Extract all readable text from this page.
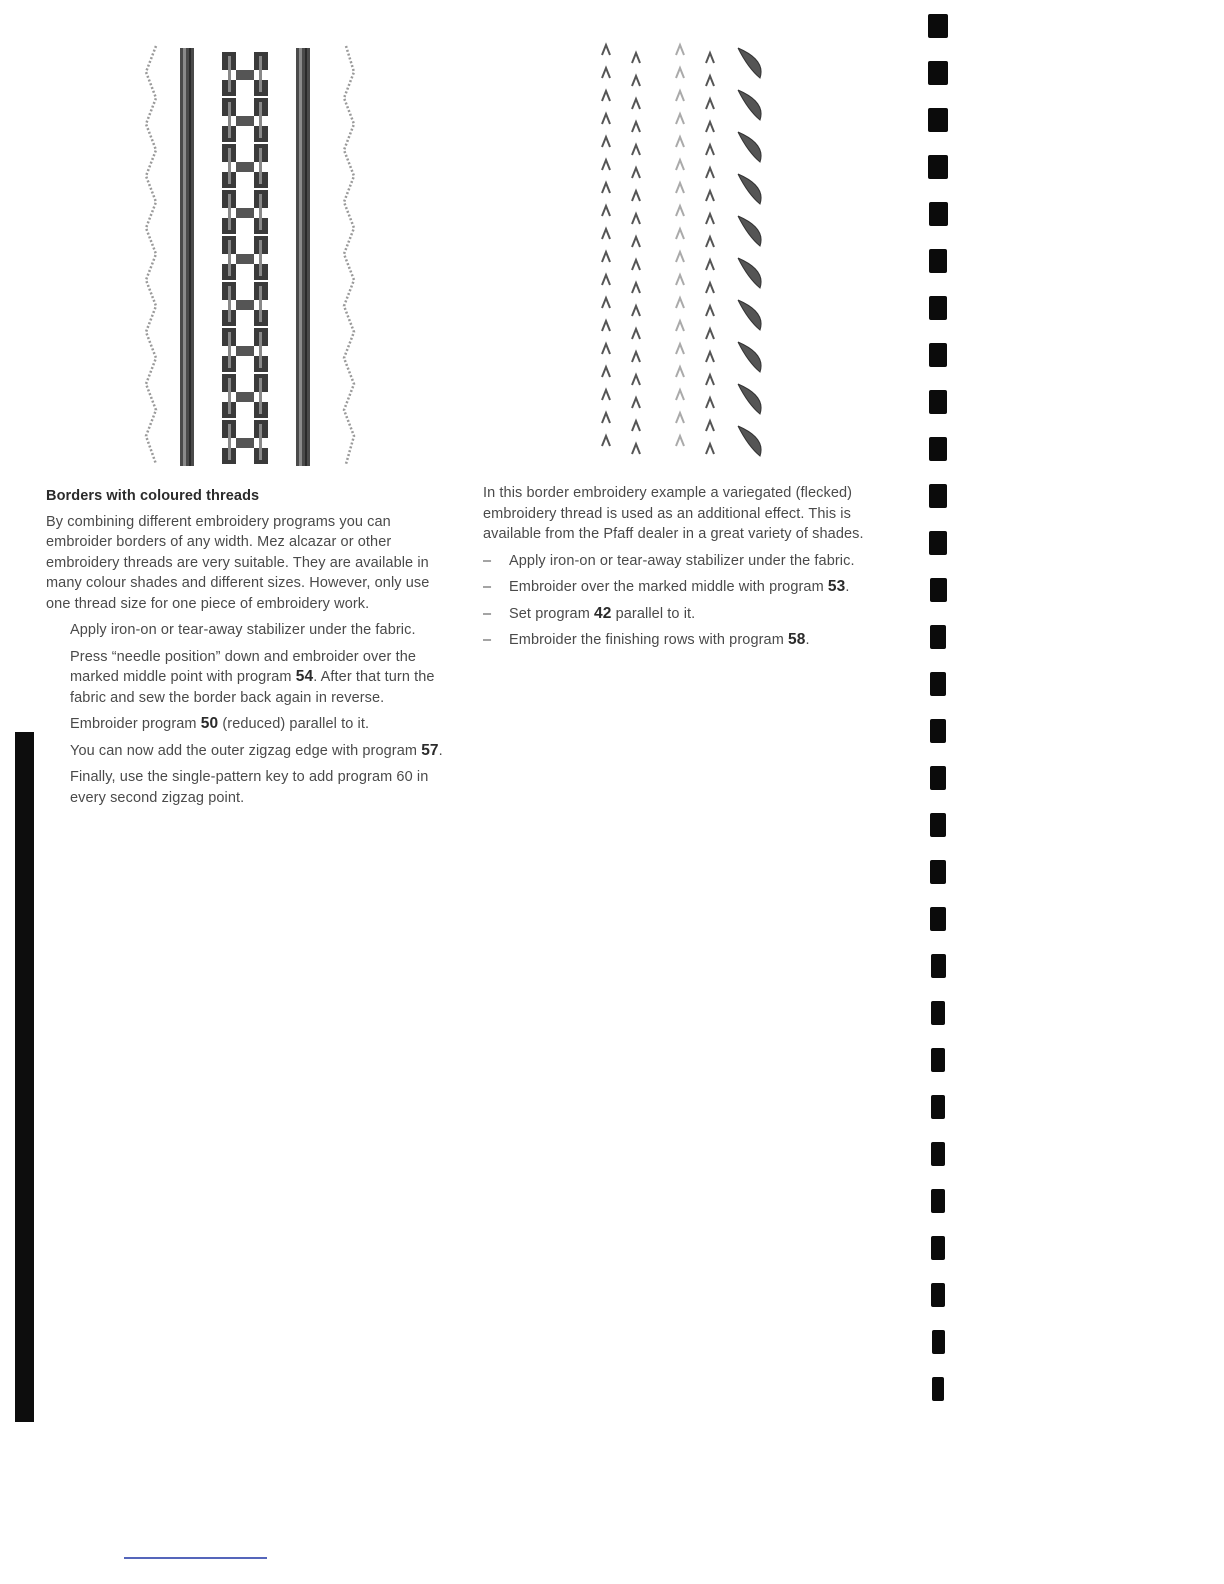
Borders with coloured threads

By combining different embroidery programs you can embroider borders of any width. Mez alcazar or other embroidery threads are very suitable. They are available in many colour shades and different sizes. However, only use one thread size for one piece of embroidery work.

Apply iron-on or tear-away stabilizer under the fabric.
Press “needle position” down and embroider over the marked middle point with program 54. After that turn the fabric and sew the border back again in reverse.
Embroider program 50 (reduced) parallel to it.
You can now add the outer zigzag edge with program 57.
Finally, use the single-pattern key to add program 60 in every second zigzag point.

In this border embroidery example a variegated (flecked) embroidery thread is used as an additional effect. This is available from the Pfaff dealer in a great variety of shades.

– Apply iron-on or tear-away stabilizer under the fabric.
– Embroider over the marked middle with program 53.
– Set program 42 parallel to it.
– Embroider the finishing rows with program 58.
